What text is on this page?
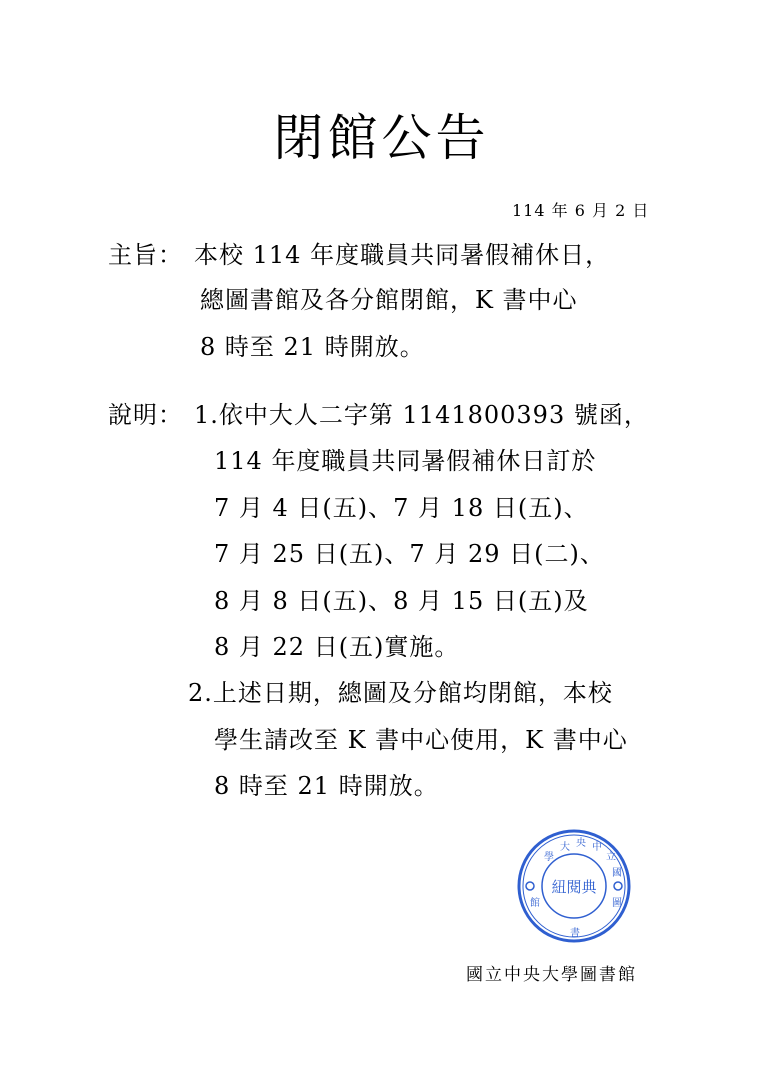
閉館公告
114 年 6 月 2 日
主旨： 本校 114 年度職員共同暑假補休日，
總圖書館及各分館閉館，K 書中心
8 時至 21 時開放。
說明： 1.依中大人二字第 1141800393 號函，
114 年度職員共同暑假補休日訂於
7 月 4 日(五)、7 月 18 日(五)、
7 月 25 日(五)、7 月 29 日(二)、
8 月 8 日(五)、8 月 15 日(五)及
8 月 22 日(五)實施。
2.上述日期，總圖及分館均閉館，本校
學生請改至 K 書中心使用，K 書中心
8 時至 21 時開放。
紐閱典
學
大 央 中
立
國
圖
書
館
國立中央大學圖書館
